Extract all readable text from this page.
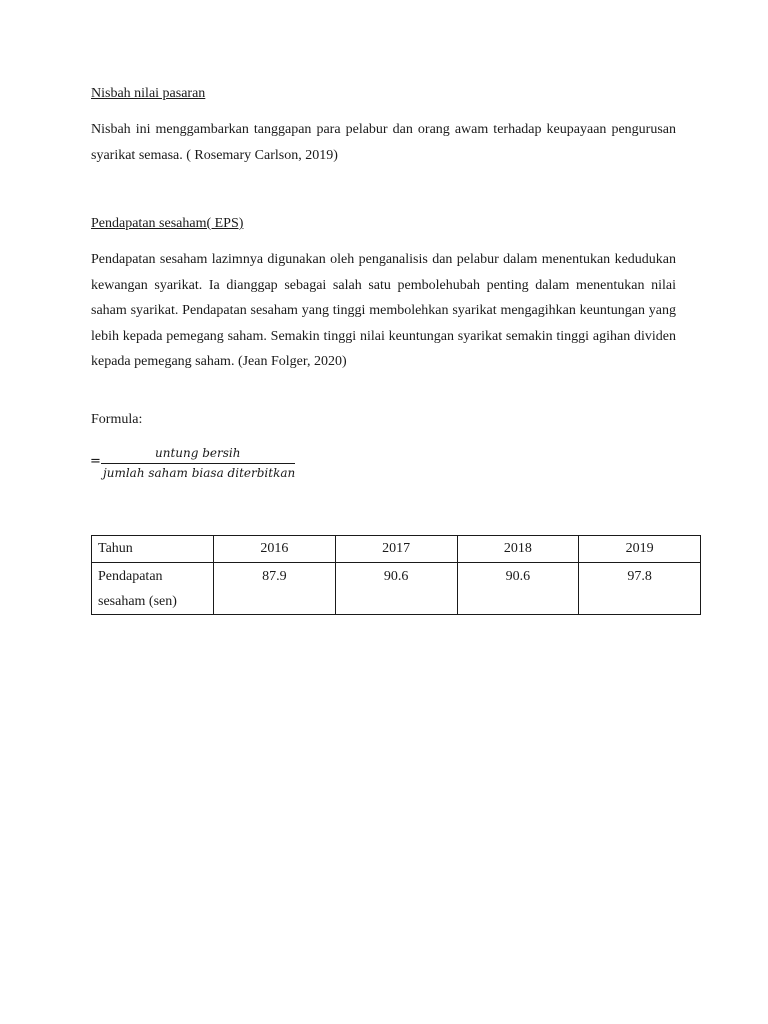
Nisbah nilai pasaran

Nisbah ini menggambarkan tanggapan para pelabur dan orang awam terhadap keupayaan pengurusan syarikat semasa. ( Rosemary Carlson, 2019)

Pendapatan sesaham( EPS)

Pendapatan sesaham lazimnya digunakan oleh penganalisis dan pelabur dalam menentukan kedudukan kewangan syarikat. Ia dianggap sebagai salah satu pembolehubah penting dalam menentukan nilai saham syarikat. Pendapatan sesaham yang tinggi membolehkan syarikat mengagihkan keuntungan yang lebih kepada pemegang saham. Semakin tinggi nilai keuntungan syarikat semakin tinggi agihan dividen kepada pemegang saham. (Jean Folger, 2020)

Formula:
=
untung bersih
jumlah saham biasa diterbitkan
Tahun	2016	2017	2018	2019
Pendapatan sesaham (sen)	87.9	90.6	90.6	97.8
